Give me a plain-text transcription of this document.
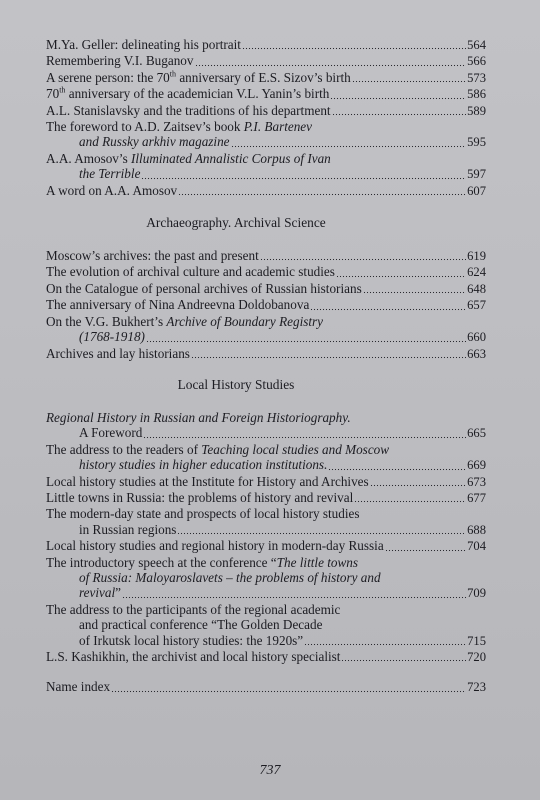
M.Ya. Geller: delineating his portrait	564
Remembering V.I. Buganov	566
A serene person: the 70th anniversary of E.S. Sizov’s birth	573
70th anniversary of the academician V.L. Yanin’s birth	586
A.L. Stanislavsky and the traditions of his department	589
The foreword to A.D. Zaitsev’s book P.I. Bartenev
and Russky arkhiv magazine	595
A.A. Amosov’s Illuminated Annalistic Corpus of Ivan
the Terrible	597
A word on A.A. Amosov	607
Archaeography. Archival Science
Moscow’s archives: the past and present	619
The evolution of archival culture and academic studies	624
On the Catalogue of personal archives of Russian historians	648
The anniversary of Nina Andreevna Doldobanova	657
On the V.G. Bukhert’s Archive of Boundary Registry
(1768-1918)	660
Archives and lay historians	663
Local History Studies
Regional History in Russian and Foreign Historiography.
A Foreword	665
The address to the readers of Teaching local studies and Moscow
history studies in higher education institutions.	669
Local history studies at the Institute for History and Archives	673
Little towns in Russia: the problems of history and revival	677
The modern-day state and prospects of local history studies
in Russian regions	688
Local history studies and regional history in modern-day Russia	704
The introductory speech at the conference “The little towns
of Russia: Maloyaroslavets – the problems of history and
revival”	709
The address to the participants of the regional academic
and practical conference “The Golden Decade
of Irkutsk local history studies: the 1920s”	715
L.S. Kashikhin, the archivist and local history specialist	720
Name index	723
737
